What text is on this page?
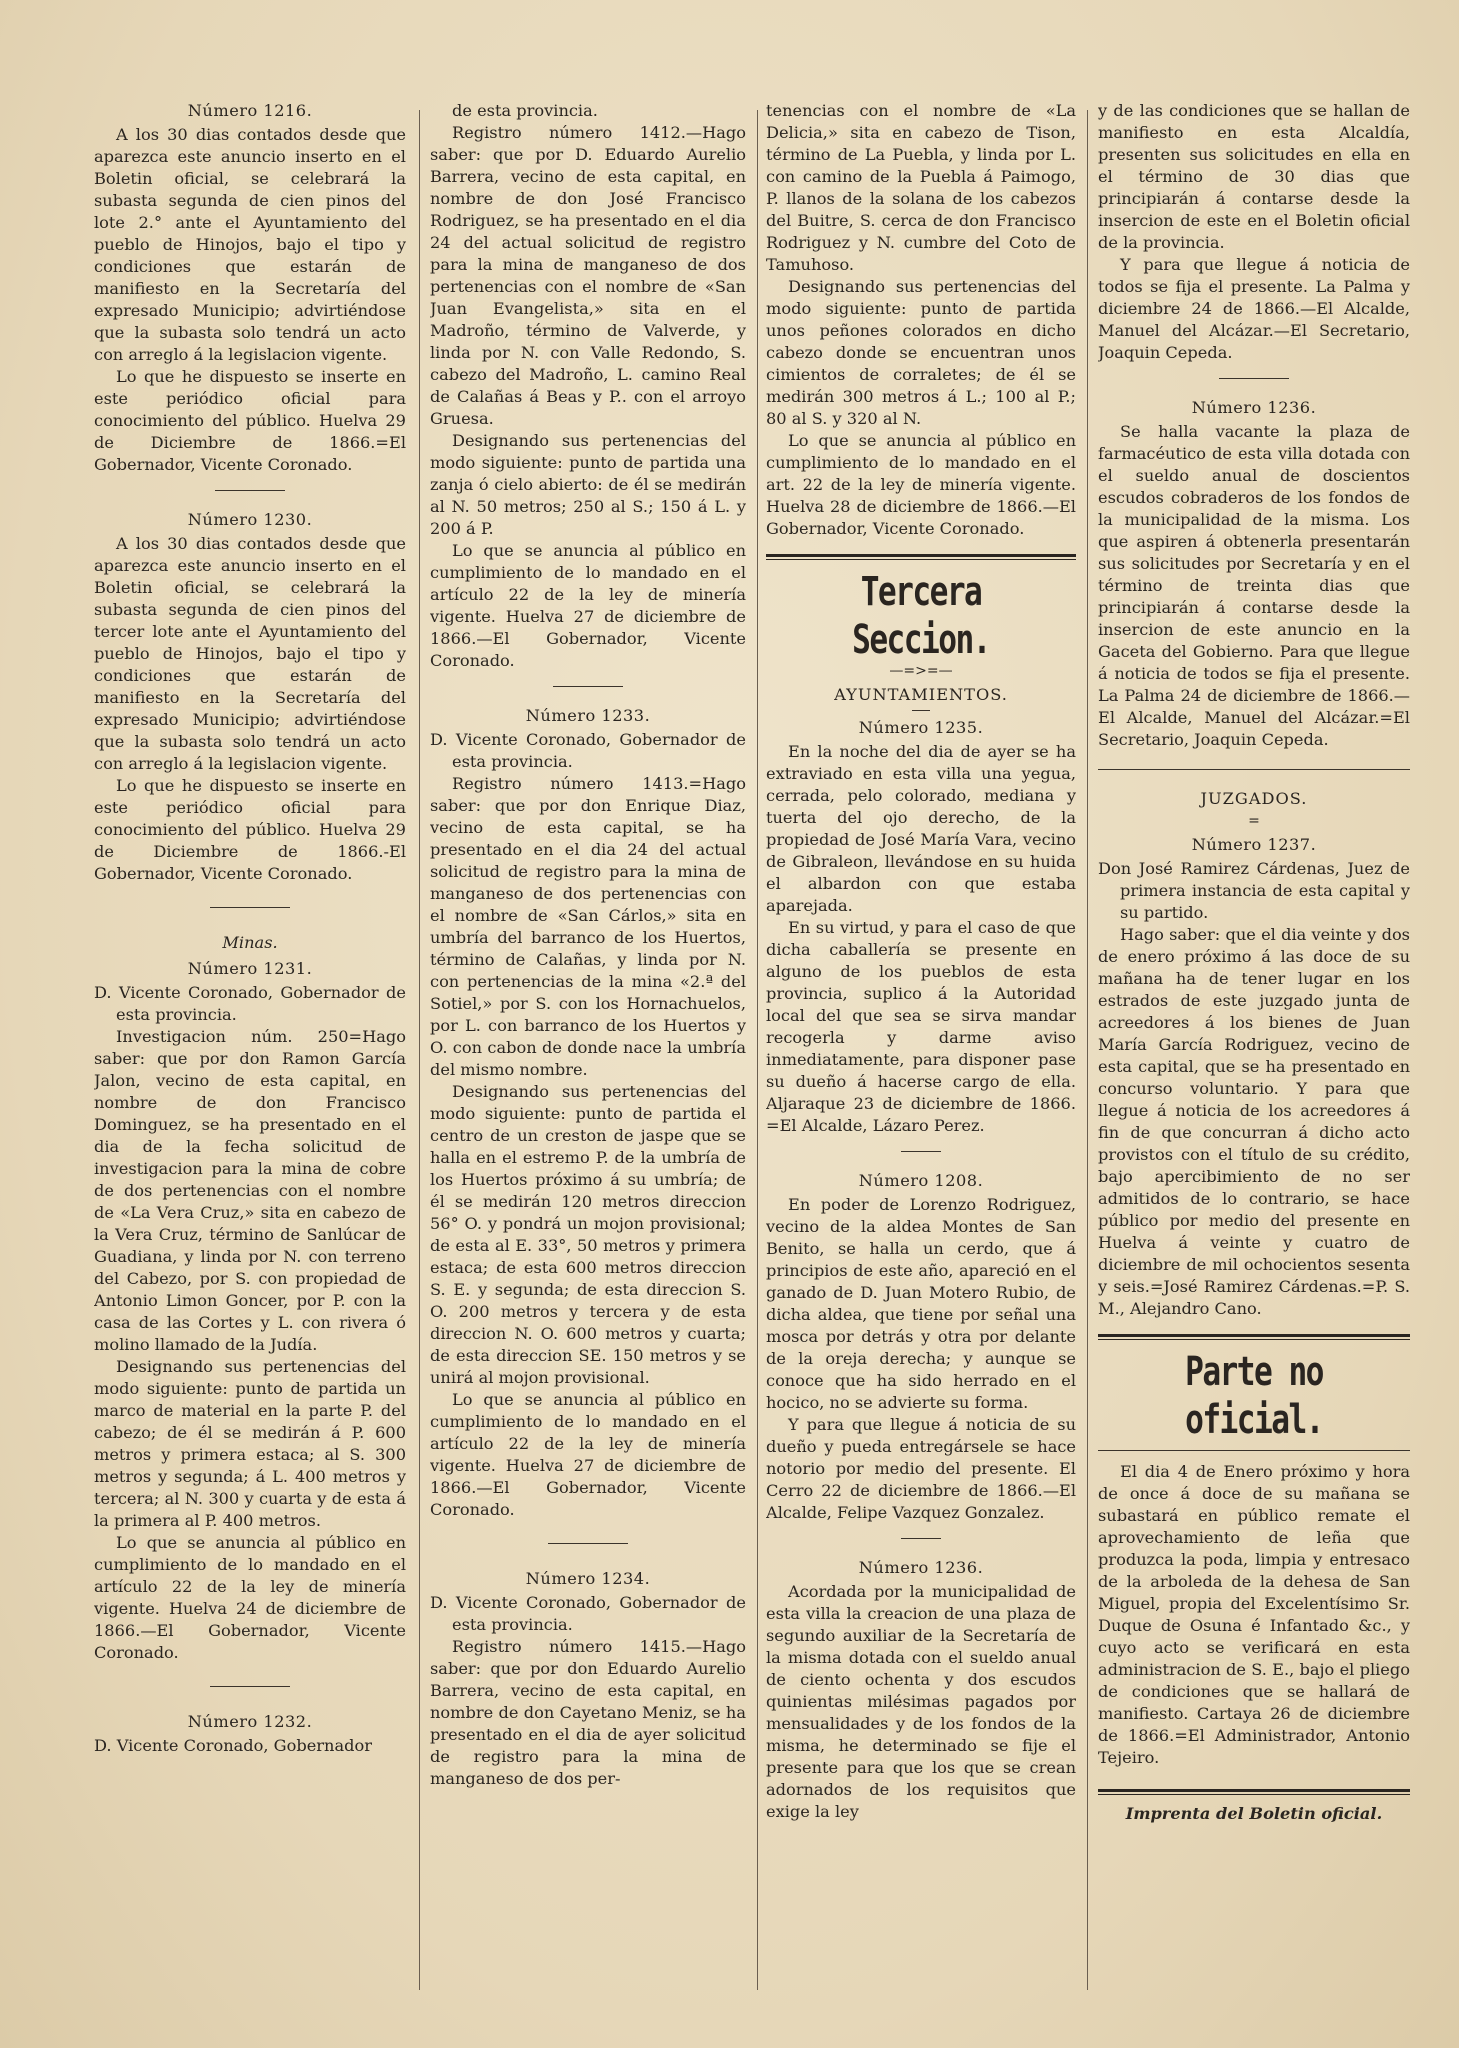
Número 1216.

A los 30 dias contados desde que aparezca este anuncio inserto en el Boletin oficial, se celebrará la subasta segunda de cien pinos del lote 2.° ante el Ayuntamiento del pueblo de Hinojos, bajo el tipo y condiciones que estarán de manifiesto en la Secretaría del expresado Municipio; advirtiéndose que la subasta solo tendrá un acto con arreglo á la legislacion vigente.

Lo que he dispuesto se inserte en este periódico oficial para conocimiento del público. Huelva 29 de Diciembre de 1866.=El Gobernador, Vicente Coronado.

Número 1230.

A los 30 dias contados desde que aparezca este anuncio inserto en el Boletin oficial, se celebrará la subasta segunda de cien pinos del tercer lote ante el Ayuntamiento del pueblo de Hinojos, bajo el tipo y condiciones que estarán de manifiesto en la Secretaría del expresado Municipio; advirtiéndose que la subasta solo tendrá un acto con arreglo á la legislacion vigente.

Lo que he dispuesto se inserte en este periódico oficial para conocimiento del público. Huelva 29 de Diciembre de 1866.-El Gobernador, Vicente Coronado.

Minas.

Número 1231.

D. Vicente Coronado, Gobernador de esta provincia.

Investigacion núm. 250=Hago saber: que por don Ramon García Jalon, vecino de esta capital, en nombre de don Francisco Dominguez, se ha presentado en el dia de la fecha solicitud de investigacion para la mina de cobre de dos pertenencias con el nombre de «La Vera Cruz,» sita en cabezo de la Vera Cruz, término de Sanlúcar de Guadiana, y linda por N. con terreno del Cabezo, por S. con propiedad de Antonio Limon Goncer, por P. con la casa de las Cortes y L. con rivera ó molino llamado de la Judía.

Designando sus pertenencias del modo siguiente: punto de partida un marco de material en la parte P. del cabezo; de él se medirán á P. 600 metros y primera estaca; al S. 300 metros y segunda; á L. 400 metros y tercera; al N. 300 y cuarta y de esta á la primera al P. 400 metros.

Lo que se anuncia al público en cumplimiento de lo mandado en el artículo 22 de la ley de minería vigente. Huelva 24 de diciembre de 1866.—El Gobernador, Vicente Coronado.

Número 1232.

D. Vicente Coronado, Gobernador

de esta provincia.

Registro número 1412.—Hago saber: que por D. Eduardo Aurelio Barrera, vecino de esta capital, en nombre de don José Francisco Rodriguez, se ha presentado en el dia 24 del actual solicitud de registro para la mina de manganeso de dos pertenencias con el nombre de «San Juan Evangelista,» sita en el Madroño, término de Valverde, y linda por N. con Valle Redondo, S. cabezo del Madroño, L. camino Real de Calañas á Beas y P.. con el arroyo Gruesa.

Designando sus pertenencias del modo siguiente: punto de partida una zanja ó cielo abierto: de él se medirán al N. 50 metros; 250 al S.; 150 á L. y 200 á P.

Lo que se anuncia al público en cumplimiento de lo mandado en el artículo 22 de la ley de minería vigente. Huelva 27 de diciembre de 1866.—El Gobernador, Vicente Coronado.

Número 1233.

D. Vicente Coronado, Gobernador de esta provincia.

Registro número 1413.=Hago saber: que por don Enrique Diaz, vecino de esta capital, se ha presentado en el dia 24 del actual solicitud de registro para la mina de manganeso de dos pertenencias con el nombre de «San Cárlos,» sita en umbría del barranco de los Huertos, término de Calañas, y linda por N. con pertenencias de la mina «2.ª del Sotiel,» por S. con los Hornachuelos, por L. con barranco de los Huertos y O. con cabon de donde nace la umbría del mismo nombre.

Designando sus pertenencias del modo siguiente: punto de partida el centro de un creston de jaspe que se halla en el estremo P. de la umbría de los Huertos próximo á su umbría; de él se medirán 120 metros direccion 56° O. y pondrá un mojon provisional; de esta al E. 33°, 50 metros y primera estaca; de esta 600 metros direccion S. E. y segunda; de esta direccion S. O. 200 metros y tercera y de esta direccion N. O. 600 metros y cuarta; de esta direccion SE. 150 metros y se unirá al mojon provisional.

Lo que se anuncia al público en cumplimiento de lo mandado en el artículo 22 de la ley de minería vigente. Huelva 27 de diciembre de 1866.—El Gobernador, Vicente Coronado.

Número 1234.

D. Vicente Coronado, Gobernador de esta provincia.

Registro número 1415.—Hago saber: que por don Eduardo Aurelio Barrera, vecino de esta capital, en nombre de don Cayetano Meniz, se ha presentado en el dia de ayer solicitud de registro para la mina de manganeso de dos per-

tenencias con el nombre de «La Delicia,» sita en cabezo de Tison, término de La Puebla, y linda por L. con camino de la Puebla á Paimogo, P. llanos de la solana de los cabezos del Buitre, S. cerca de don Francisco Rodriguez y N. cumbre del Coto de Tamuhoso.

Designando sus pertenencias del modo siguiente: punto de partida unos peñones colorados en dicho cabezo donde se encuentran unos cimientos de corraletes; de él se medirán 300 metros á L.; 100 al P.; 80 al S. y 320 al N.

Lo que se anuncia al público en cumplimiento de lo mandado en el art. 22 de la ley de minería vigente. Huelva 28 de diciembre de 1866.—El Gobernador, Vicente Coronado.

Tercera Seccion.

—=>=—

AYUNTAMIENTOS.

Número 1235.

En la noche del dia de ayer se ha extraviado en esta villa una yegua, cerrada, pelo colorado, mediana y tuerta del ojo derecho, de la propiedad de José María Vara, vecino de Gibraleon, llevándose en su huida el albardon con que estaba aparejada.

En su virtud, y para el caso de que dicha caballería se presente en alguno de los pueblos de esta provincia, suplico á la Autoridad local del que sea se sirva mandar recogerla y darme aviso inmediatamente, para disponer pase su dueño á hacerse cargo de ella. Aljaraque 23 de diciembre de 1866. =El Alcalde, Lázaro Perez.

Número 1208.

En poder de Lorenzo Rodriguez, vecino de la aldea Montes de San Benito, se halla un cerdo, que á principios de este año, apareció en el ganado de D. Juan Motero Rubio, de dicha aldea, que tiene por señal una mosca por detrás y otra por delante de la oreja derecha; y aunque se conoce que ha sido herrado en el hocico, no se advierte su forma.

Y para que llegue á noticia de su dueño y pueda entregársele se hace notorio por medio del presente. El Cerro 22 de diciembre de 1866.—El Alcalde, Felipe Vazquez Gonzalez.

Número 1236.

Acordada por la municipalidad de esta villa la creacion de una plaza de segundo auxiliar de la Secretaría de la misma dotada con el sueldo anual de ciento ochenta y dos escudos quinientas milésimas pagados por mensualidades y de los fondos de la misma, he determinado se fije el presente para que los que se crean adornados de los requisitos que exige la ley

y de las condiciones que se hallan de manifiesto en esta Alcaldía, presenten sus solicitudes en ella en el término de 30 dias que principiarán á contarse desde la insercion de este en el Boletin oficial de la provincia.

Y para que llegue á noticia de todos se fija el presente. La Palma y diciembre 24 de 1866.—El Alcalde, Manuel del Alcázar.—El Secretario, Joaquin Cepeda.

Número 1236.

Se halla vacante la plaza de farmacéutico de esta villa dotada con el sueldo anual de doscientos escudos cobraderos de los fondos de la municipalidad de la misma. Los que aspiren á obtenerla presentarán sus solicitudes por Secretaría y en el término de treinta dias que principiarán á contarse desde la insercion de este anuncio en la Gaceta del Gobierno. Para que llegue á noticia de todos se fija el presente. La Palma 24 de diciembre de 1866.—El Alcalde, Manuel del Alcázar.=El Secretario, Joaquin Cepeda.

JUZGADOS.

=

Número 1237.

Don José Ramirez Cárdenas, Juez de primera instancia de esta capital y su partido.

Hago saber: que el dia veinte y dos de enero próximo á las doce de su mañana ha de tener lugar en los estrados de este juzgado junta de acreedores á los bienes de Juan María García Rodriguez, vecino de esta capital, que se ha presentado en concurso voluntario. Y para que llegue á noticia de los acreedores á fin de que concurran á dicho acto provistos con el título de su crédito, bajo apercibimiento de no ser admitidos de lo contrario, se hace público por medio del presente en Huelva á veinte y cuatro de diciembre de mil ochocientos sesenta y seis.=José Ramirez Cárdenas.=P. S. M., Alejandro Cano.

Parte no oficial.

El dia 4 de Enero próximo y hora de once á doce de su mañana se subastará en público remate el aprovechamiento de leña que produzca la poda, limpia y entresaco de la arboleda de la dehesa de San Miguel, propia del Excelentísimo Sr. Duque de Osuna é Infantado &c., y cuyo acto se verificará en esta administracion de S. E., bajo el pliego de condiciones que se hallará de manifiesto. Cartaya 26 de diciembre de 1866.=El Administrador, Antonio Tejeiro.

Imprenta del Boletin oficial.
